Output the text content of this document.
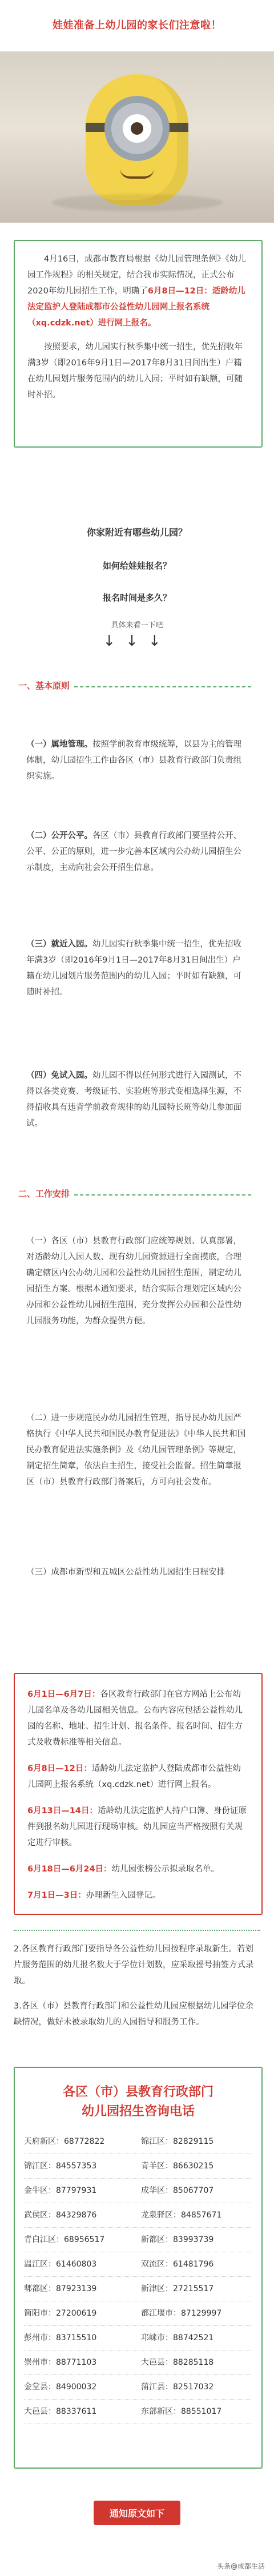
娃娃准备上幼儿园的家长们注意啦！

4月16日，成都市教育局根据《幼儿园管理条例》《幼儿园工作规程》的相关规定，结合我市实际情况，正式公布2020年幼儿园招生工作，明确了6月8日—12日：适龄幼儿法定监护人登陆成都市公益性幼儿园网上报名系统（xq.cdzk.net）进行网上报名。

按照要求，幼儿园实行秋季集中统一招生，优先招收年满3岁（即2016年9月1日—2017年8月31日间出生）户籍在幼儿园划片服务范围内的幼儿入园；平时如有缺额，可随时补招。

你家附近有哪些幼儿园？
如何给娃娃报名？
报名时间是多久？
具体来看一下吧
↓↓↓
一、基本原则
（一）属地管理。按照学前教育市级统筹，以县为主的管理体制，幼儿园招生工作由各区（市）县教育行政部门负责组织实施。
（二）公开公平。各区（市）县教育行政部门要坚持公开、公平、公正的原则，进一步完善本区域内公办幼儿园招生公示制度，主动向社会公开招生信息。
（三）就近入园。幼儿园实行秋季集中统一招生，优先招收年满3岁（即2016年9月1日—2017年8月31日间出生）户籍在幼儿园划片服务范围内的幼儿入园；平时如有缺额，可随时补招。
（四）免试入园。幼儿园不得以任何形式进行入园测试，不得以各类竞赛、考级证书、实验班等形式变相选择生源，不得招收具有违背学前教育规律的幼儿园特长班等幼儿参加面试。
二、工作安排
（一）各区（市）县教育行政部门应统筹规划、认真部署，对适龄幼儿入园人数、现有幼儿园资源进行全面摸底，合理确定辖区内公办幼儿园和公益性幼儿园招生范围，制定幼儿园招生方案。根据本通知要求，结合实际合理划定区域内公办园和公益性幼儿园招生范围，充分发挥公办园和公益性幼儿园服务功能，为群众提供方便。
（二）进一步规范民办幼儿园招生管理，指导民办幼儿园严格执行《中华人民共和国民办教育促进法》《中华人民共和国民办教育促进法实施条例》及《幼儿园管理条例》等规定，制定招生简章，依法自主招生，接受社会监督。招生简章报区（市）县教育行政部门备案后，方可向社会发布。
（三）成都市新型和五城区公益性幼儿园招生日程安排

6月1日—6月7日：各区教育行政部门在官方网站上公布幼儿园名单及各幼儿园相关信息。公布内容应包括公益性幼儿园的名称、地址、招生计划、报名条件、报名时间、招生方式及收费标准等相关信息。

6月8日—12日：适龄幼儿法定监护人登陆成都市公益性幼儿园网上报名系统（xq.cdzk.net）进行网上报名。

6月13日—14日：适龄幼儿法定监护人持户口簿、身份证原件到报名幼儿园进行现场审核。幼儿园应当严格按照有关规定进行审核。

6月18日—6月24日：幼儿园张榜公示拟录取名单。

7月1日—3日：办理新生入园登记。

2.各区教育行政部门要指导各公益性幼儿园按程序录取新生。若划片服务范围的幼儿报名数大于学位计划数，应采取摇号抽签方式录取。
3.各区（市）县教育行政部门和公益性幼儿园应根据幼儿园学位余缺情况，做好未被录取幼儿的入园指导和服务工作。
各区（市）县教育行政部门
幼儿园招生咨询电话
天府新区：68772822	锦江区：82829115
锦江区：84557353	青羊区：86630215
金牛区：87797931	成华区：85067707
武侯区：84329876	龙泉驿区：84857671
青白江区：68956517	新都区：83993739
温江区：61460803	双流区：61481796
郫都区：87923139	新津区：27215517
简阳市：27200619	都江堰市：87129997
彭州市：83715510	邛崃市：88742521
崇州市：88771103	大邑县：88285118
金堂县：84900032	蒲江县：82517032
大邑县：88337611	东部新区：88551017
通知原文如下
头条@成都生活
